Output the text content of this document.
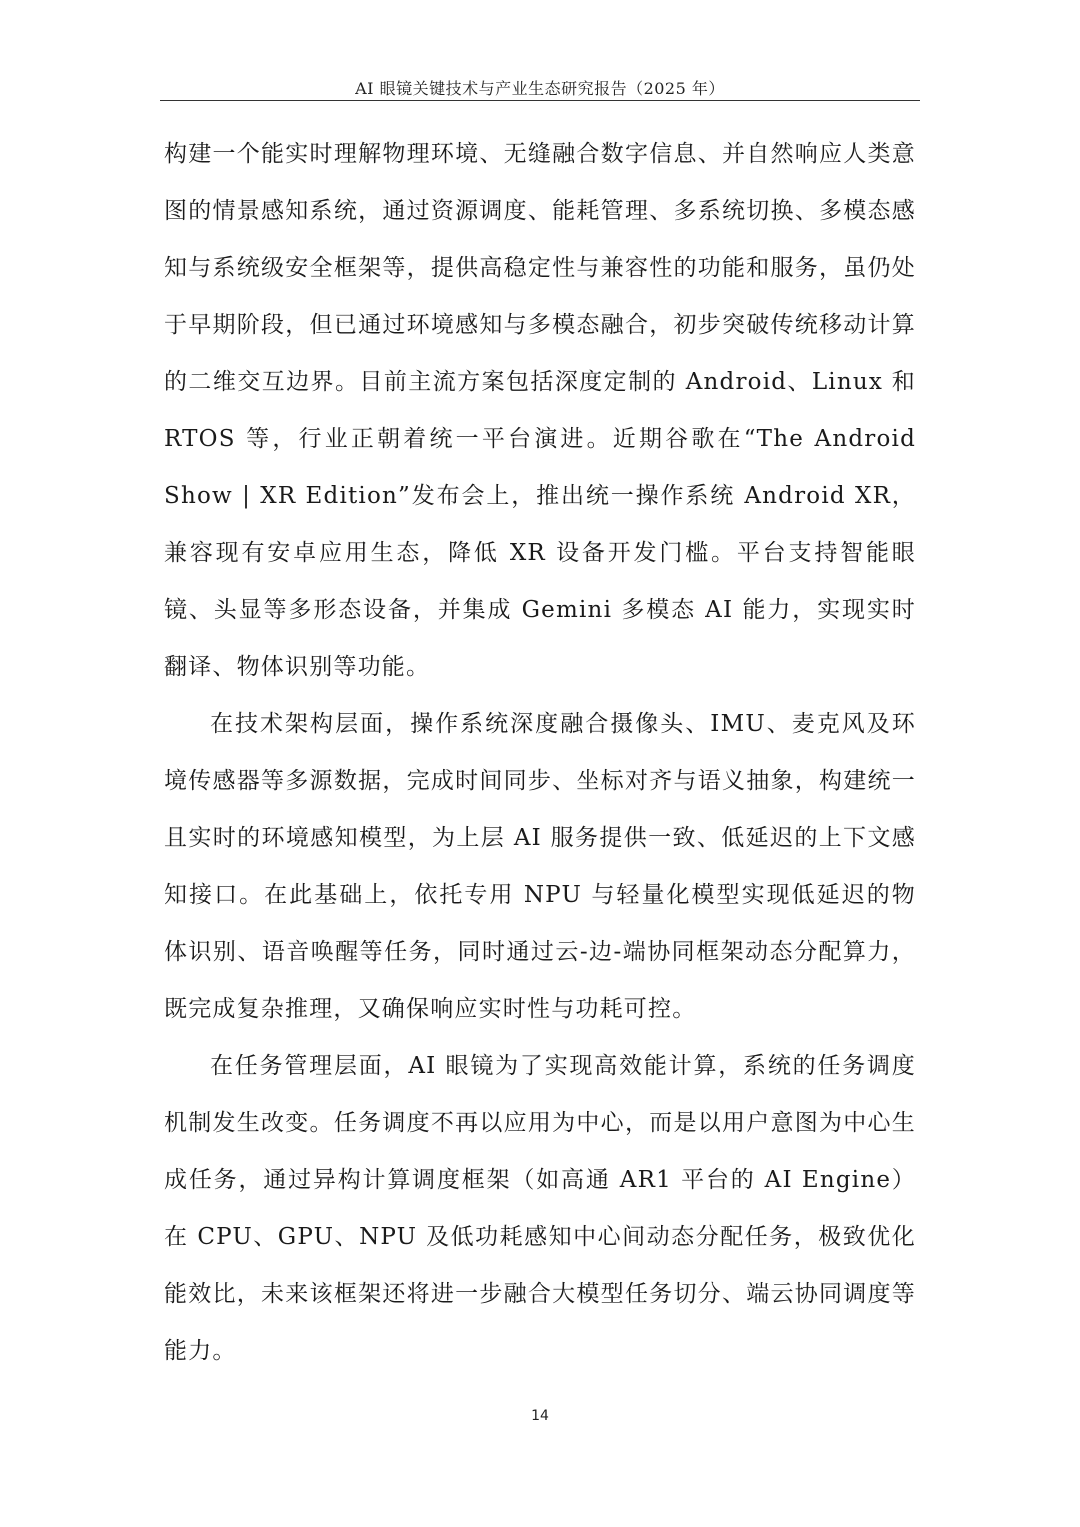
AI 眼镜关键技术与产业生态研究报告（2025 年）

构建一个能实时理解物理环境、无缝融合数字信息、并自然响应人类意图的情景感知系统，通过资源调度、能耗管理、多系统切换、多模态感知与系统级安全框架等，提供高稳定性与兼容性的功能和服务，虽仍处于早期阶段，但已通过环境感知与多模态融合，初步突破传统移动计算的二维交互边界。目前主流方案包括深度定制的 Android、Linux 和 RTOS 等，行业正朝着统一平台演进。近期谷歌在“The Android Show | XR Edition”发布会上，推出统一操作系统 Android XR，兼容现有安卓应用生态，降低 XR 设备开发门槛。平台支持智能眼镜、头显等多形态设备，并集成 Gemini 多模态 AI 能力，实现实时翻译、物体识别等功能。

在技术架构层面，操作系统深度融合摄像头、IMU、麦克风及环境传感器等多源数据，完成时间同步、坐标对齐与语义抽象，构建统一且实时的环境感知模型，为上层 AI 服务提供一致、低延迟的上下文感知接口。在此基础上，依托专用 NPU 与轻量化模型实现低延迟的物体识别、语音唤醒等任务，同时通过云-边-端协同框架动态分配算力，既完成复杂推理，又确保响应实时性与功耗可控。

在任务管理层面，AI 眼镜为了实现高效能计算，系统的任务调度机制发生改变。任务调度不再以应用为中心，而是以用户意图为中心生成任务，通过异构计算调度框架（如高通 AR1 平台的 AI Engine）在 CPU、GPU、NPU 及低功耗感知中心间动态分配任务，极致优化能效比，未来该框架还将进一步融合大模型任务切分、端云协同调度等能力。

14
